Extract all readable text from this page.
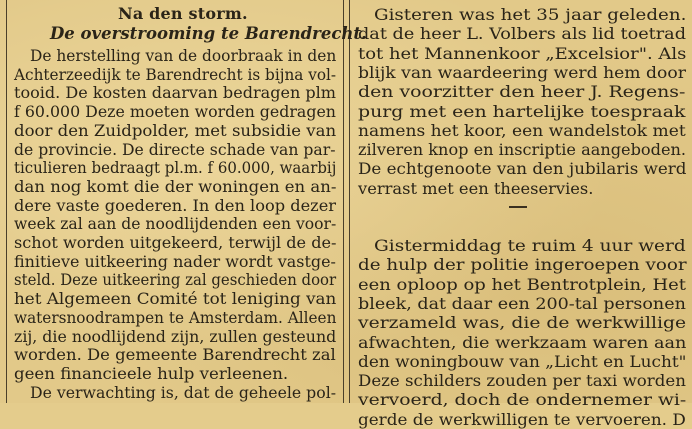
Na den storm.
De overstrooming te Barendrecht.
De herstelling van de doorbraak in den
Achterzeedijk te Barendrecht is bijna vol-
tooid. De kosten daarvan bedragen plm
f 60.000 Deze moeten worden gedragen
door den Zuidpolder, met subsidie van
de provincie. De directe schade van par-
ticulieren bedraagt pl.m. f 60.000, waarbij
dan nog komt die der woningen en an-
dere vaste goederen. In den loop dezer
week zal aan de noodlijdenden een voor-
schot worden uitgekeerd, terwijl de de-
finitieve uitkeering nader wordt vastge-
steld. Deze uitkeering zal geschieden door
het Algemeen Comité tot leniging van
watersnoodrampen te Amsterdam. Alleen
zij, die noodlijdend zijn, zullen gesteund
worden. De gemeente Barendrecht zal
geen financieele hulp verleenen.
De verwachting is, dat de geheele pol-
Gisteren was het 35 jaar geleden.
dat de heer L. Volbers als lid toetrad
tot het Mannenkoor „Excelsior". Als
blijk van waardeering werd hem door
den voorzitter den heer J. Regens-
purg met een hartelijke toespraak
namens het koor, een wandelstok met
zilveren knop en inscriptie aangeboden.
De echtgenoote van den jubilaris werd
verrast met een theeservies.
Gistermiddag te ruim 4 uur werd
de hulp der politie ingeroepen voor
een oploop op het Bentrotplein, Het
bleek, dat daar een 200-tal personen
verzameld was, die de werkwillige
afwachten, die werkzaam waren aan
den woningbouw van „Licht en Lucht"
Deze schilders zouden per taxi worden
vervoerd, doch de ondernemer wi-
gerde de werkwilligen te vervoeren. D
